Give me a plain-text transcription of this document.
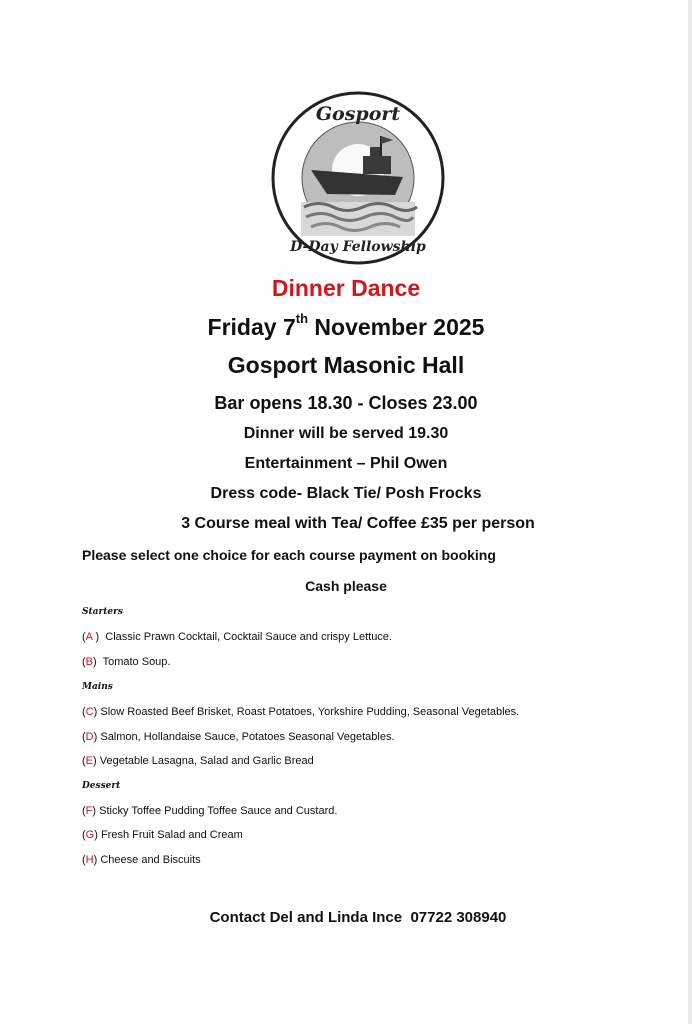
Gosport
D-Day Fellowship
Dinner Dance
Friday 7th November 2025
Gosport Masonic Hall
Bar opens 18.30 - Closes 23.00
Dinner will be served 19.30
Entertainment – Phil Owen
Dress code- Black Tie/ Posh Frocks
3 Course meal with Tea/ Coffee £35 per person
Please select one choice for each course payment on booking
Cash please
Starters
(A )  Classic Prawn Cocktail, Cocktail Sauce and crispy Lettuce.
(B)  Tomato Soup.
Mains
(C) Slow Roasted Beef Brisket, Roast Potatoes, Yorkshire Pudding, Seasonal Vegetables.
(D) Salmon, Hollandaise Sauce, Potatoes Seasonal Vegetables.
(E) Vegetable Lasagna, Salad and Garlic Bread
Dessert
(F) Sticky Toffee Pudding Toffee Sauce and Custard.
(G) Fresh Fruit Salad and Cream
(H) Cheese and Biscuits
Contact Del and Linda Ince  07722 308940
